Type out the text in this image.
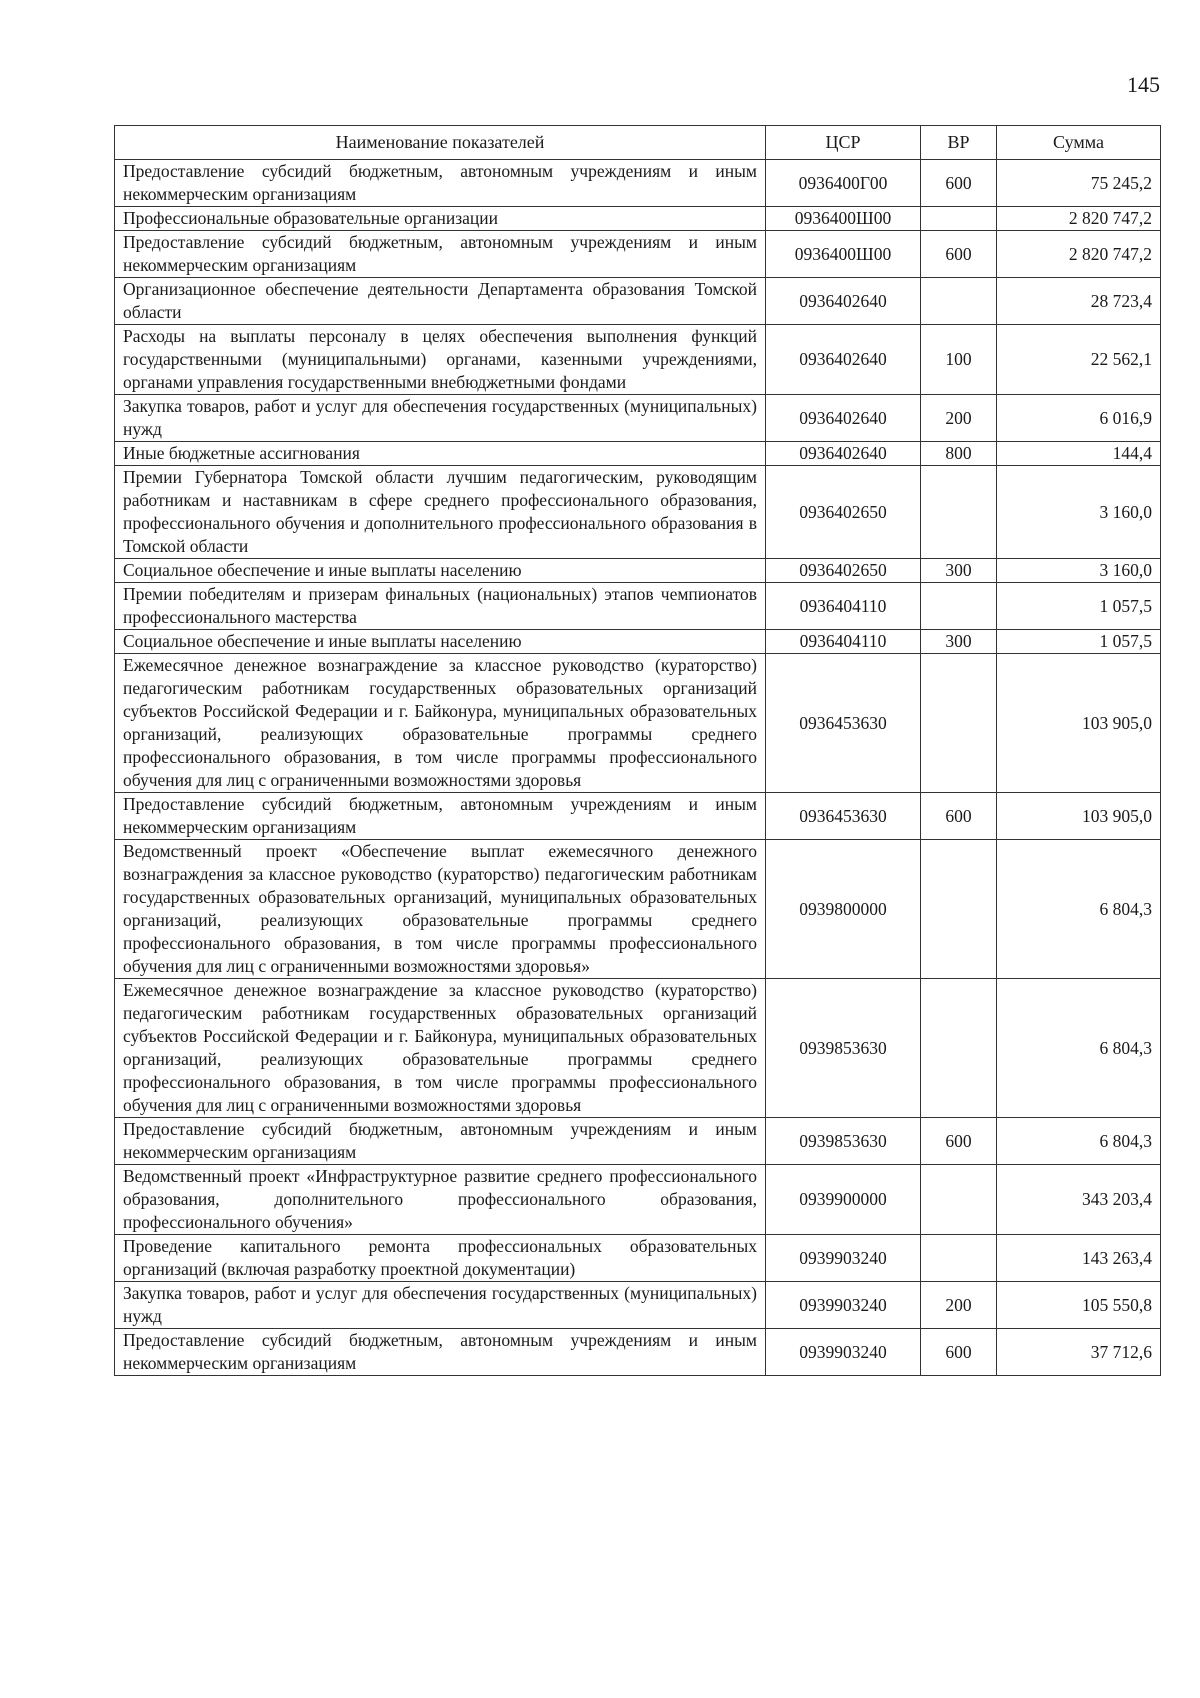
145
Наименование показателей	ЦСР	ВР	Сумма
Предоставление субсидий бюджетным, автономным учреждениям и иным некоммерческим организациям	0936400Г00	600	75 245,2
Профессиональные образовательные организации	0936400Ш00		2 820 747,2
Предоставление субсидий бюджетным, автономным учреждениям и иным некоммерческим организациям	0936400Ш00	600	2 820 747,2
Организационное обеспечение деятельности Департамента образования Томской области	0936402640		28 723,4
Расходы на выплаты персоналу в целях обеспечения выполнения функций государственными (муниципальными) органами, казенными учреждениями, органами управления государственными внебюджетными фондами	0936402640	100	22 562,1
Закупка товаров, работ и услуг для обеспечения государственных (муниципальных) нужд	0936402640	200	6 016,9
Иные бюджетные ассигнования	0936402640	800	144,4
Премии Губернатора Томской области лучшим педагогическим, руководящим работникам и наставникам в сфере среднего профессионального образования, профессионального обучения и дополнительного профессионального образования в Томской области	0936402650		3 160,0
Социальное обеспечение и иные выплаты населению	0936402650	300	3 160,0
Премии победителям и призерам финальных (национальных) этапов чемпионатов профессионального мастерства	0936404110		1 057,5
Социальное обеспечение и иные выплаты населению	0936404110	300	1 057,5
Ежемесячное денежное вознаграждение за классное руководство (кураторство) педагогическим работникам государственных образовательных организаций субъектов Российской Федерации и г. Байконура, муниципальных образовательных организаций, реализующих образовательные программы среднего профессионального образования, в том числе программы профессионального обучения для лиц с ограниченными возможностями здоровья	0936453630		103 905,0
Предоставление субсидий бюджетным, автономным учреждениям и иным некоммерческим организациям	0936453630	600	103 905,0
Ведомственный проект «Обеспечение выплат ежемесячного денежного вознаграждения за классное руководство (кураторство) педагогическим работникам государственных образовательных организаций, муниципальных образовательных организаций, реализующих образовательные программы среднего профессионального образования, в том числе программы профессионального обучения для лиц с ограниченными возможностями здоровья»	0939800000		6 804,3
Ежемесячное денежное вознаграждение за классное руководство (кураторство) педагогическим работникам государственных образовательных организаций субъектов Российской Федерации и г. Байконура, муниципальных образовательных организаций, реализующих образовательные программы среднего профессионального образования, в том числе программы профессионального обучения для лиц с ограниченными возможностями здоровья	0939853630		6 804,3
Предоставление субсидий бюджетным, автономным учреждениям и иным некоммерческим организациям	0939853630	600	6 804,3
Ведомственный проект «Инфраструктурное развитие среднего профессионального образования, дополнительного профессионального образования, профессионального обучения»	0939900000		343 203,4
Проведение капитального ремонта профессиональных образовательных организаций (включая разработку проектной документации)	0939903240		143 263,4
Закупка товаров, работ и услуг для обеспечения государственных (муниципальных) нужд	0939903240	200	105 550,8
Предоставление субсидий бюджетным, автономным учреждениям и иным некоммерческим организациям	0939903240	600	37 712,6
